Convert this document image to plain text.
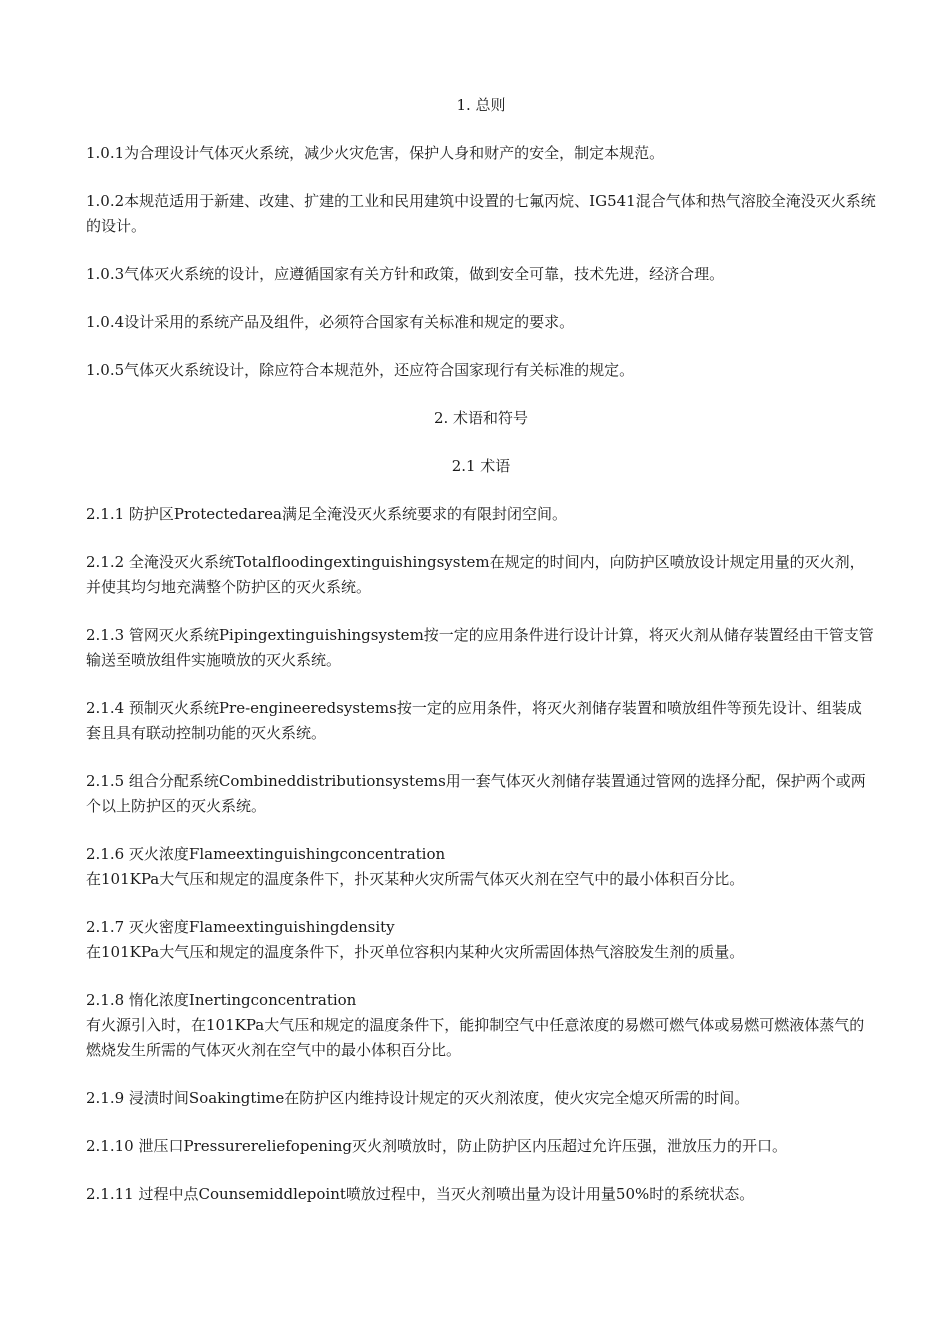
1. 总则

1.0.1为合理设计气体灭火系统，减少火灾危害，保护人身和财产的安全，制定本规范。

1.0.2本规范适用于新建、改建、扩建的工业和民用建筑中设置的七氟丙烷、IG541混合气体和热气溶胶全淹没灭火系统的设计。

1.0.3气体灭火系统的设计，应遵循国家有关方针和政策，做到安全可靠，技术先进，经济合理。

1.0.4设计采用的系统产品及组件，必须符合国家有关标准和规定的要求。

1.0.5气体灭火系统设计，除应符合本规范外，还应符合国家现行有关标准的规定。

2. 术语和符号

2.1 术语

2.1.1 防护区Protectedarea满足全淹没灭火系统要求的有限封闭空间。

2.1.2 全淹没灭火系统Totalfloodingextinguishingsystem在规定的时间内，向防护区喷放设计规定用量的灭火剂，并使其均匀地充满整个防护区的灭火系统。

2.1.3 管网灭火系统Pipingextinguishingsystem按一定的应用条件进行设计计算，将灭火剂从储存装置经由干管支管输送至喷放组件实施喷放的灭火系统。

2.1.4 预制灭火系统Pre-engineeredsystems按一定的应用条件，将灭火剂储存装置和喷放组件等预先设计、组装成套且具有联动控制功能的灭火系统。

2.1.5 组合分配系统Combineddistributionsystems用一套气体灭火剂储存装置通过管网的选择分配，保护两个或两个以上防护区的灭火系统。

2.1.6 灭火浓度Flameextinguishingconcentration

在101KPa大气压和规定的温度条件下，扑灭某种火灾所需气体灭火剂在空气中的最小体积百分比。

2.1.7 灭火密度Flameextinguishingdensity

在101KPa大气压和规定的温度条件下，扑灭单位容积内某种火灾所需固体热气溶胶发生剂的质量。

2.1.8 惰化浓度Inertingconcentration

有火源引入时，在101KPa大气压和规定的温度条件下，能抑制空气中任意浓度的易燃可燃气体或易燃可燃液体蒸气的燃烧发生所需的气体灭火剂在空气中的最小体积百分比。

2.1.9 浸渍时间Soakingtime在防护区内维持设计规定的灭火剂浓度，使火灾完全熄灭所需的时间。

2.1.10 泄压口Pressurereliefopening灭火剂喷放时，防止防护区内压超过允许压强，泄放压力的开口。

2.1.11 过程中点Counsemiddlepoint喷放过程中，当灭火剂喷出量为设计用量50%时的系统状态。
